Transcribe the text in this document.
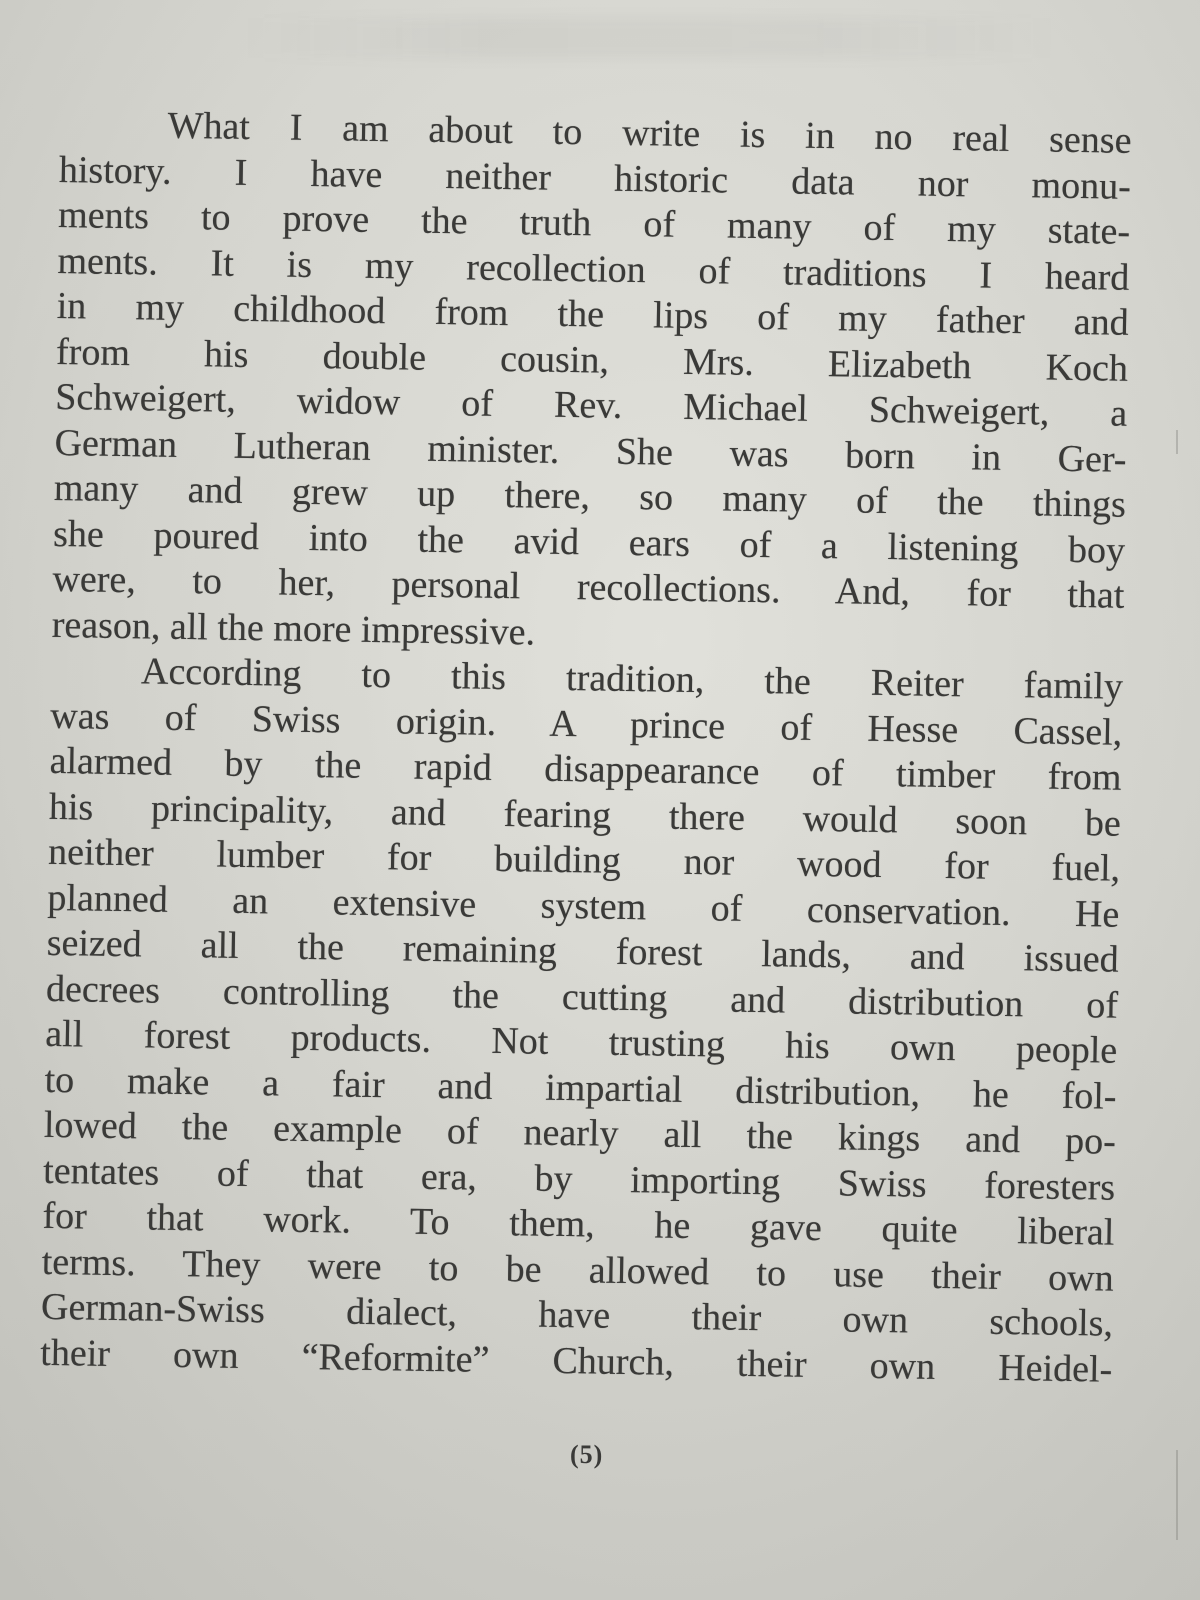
What I am about to write is in no real sense
history. I have neither historic data nor monu-
ments to prove the truth of many of my state-
ments. It is my recollection of traditions I heard
in my childhood from the lips of my father and
from his double cousin, Mrs. Elizabeth Koch
Schweigert, widow of Rev. Michael Schweigert, a
German Lutheran minister. She was born in Ger-
many and grew up there, so many of the things
she poured into the avid ears of a listening boy
were, to her, personal recollections. And, for that
reason, all the more impressive.
According to this tradition, the Reiter family
was of Swiss origin. A prince of Hesse Cassel,
alarmed by the rapid disappearance of timber from
his principality, and fearing there would soon be
neither lumber for building nor wood for fuel,
planned an extensive system of conservation. He
seized all the remaining forest lands, and issued
decrees controlling the cutting and distribution of
all forest products. Not trusting his own people
to make a fair and impartial distribution, he fol-
lowed the example of nearly all the kings and po-
tentates of that era, by importing Swiss foresters
for that work. To them, he gave quite liberal
terms. They were to be allowed to use their own
German-Swiss dialect, have their own schools,
their own “Reformite” Church, their own Heidel-
(5)
